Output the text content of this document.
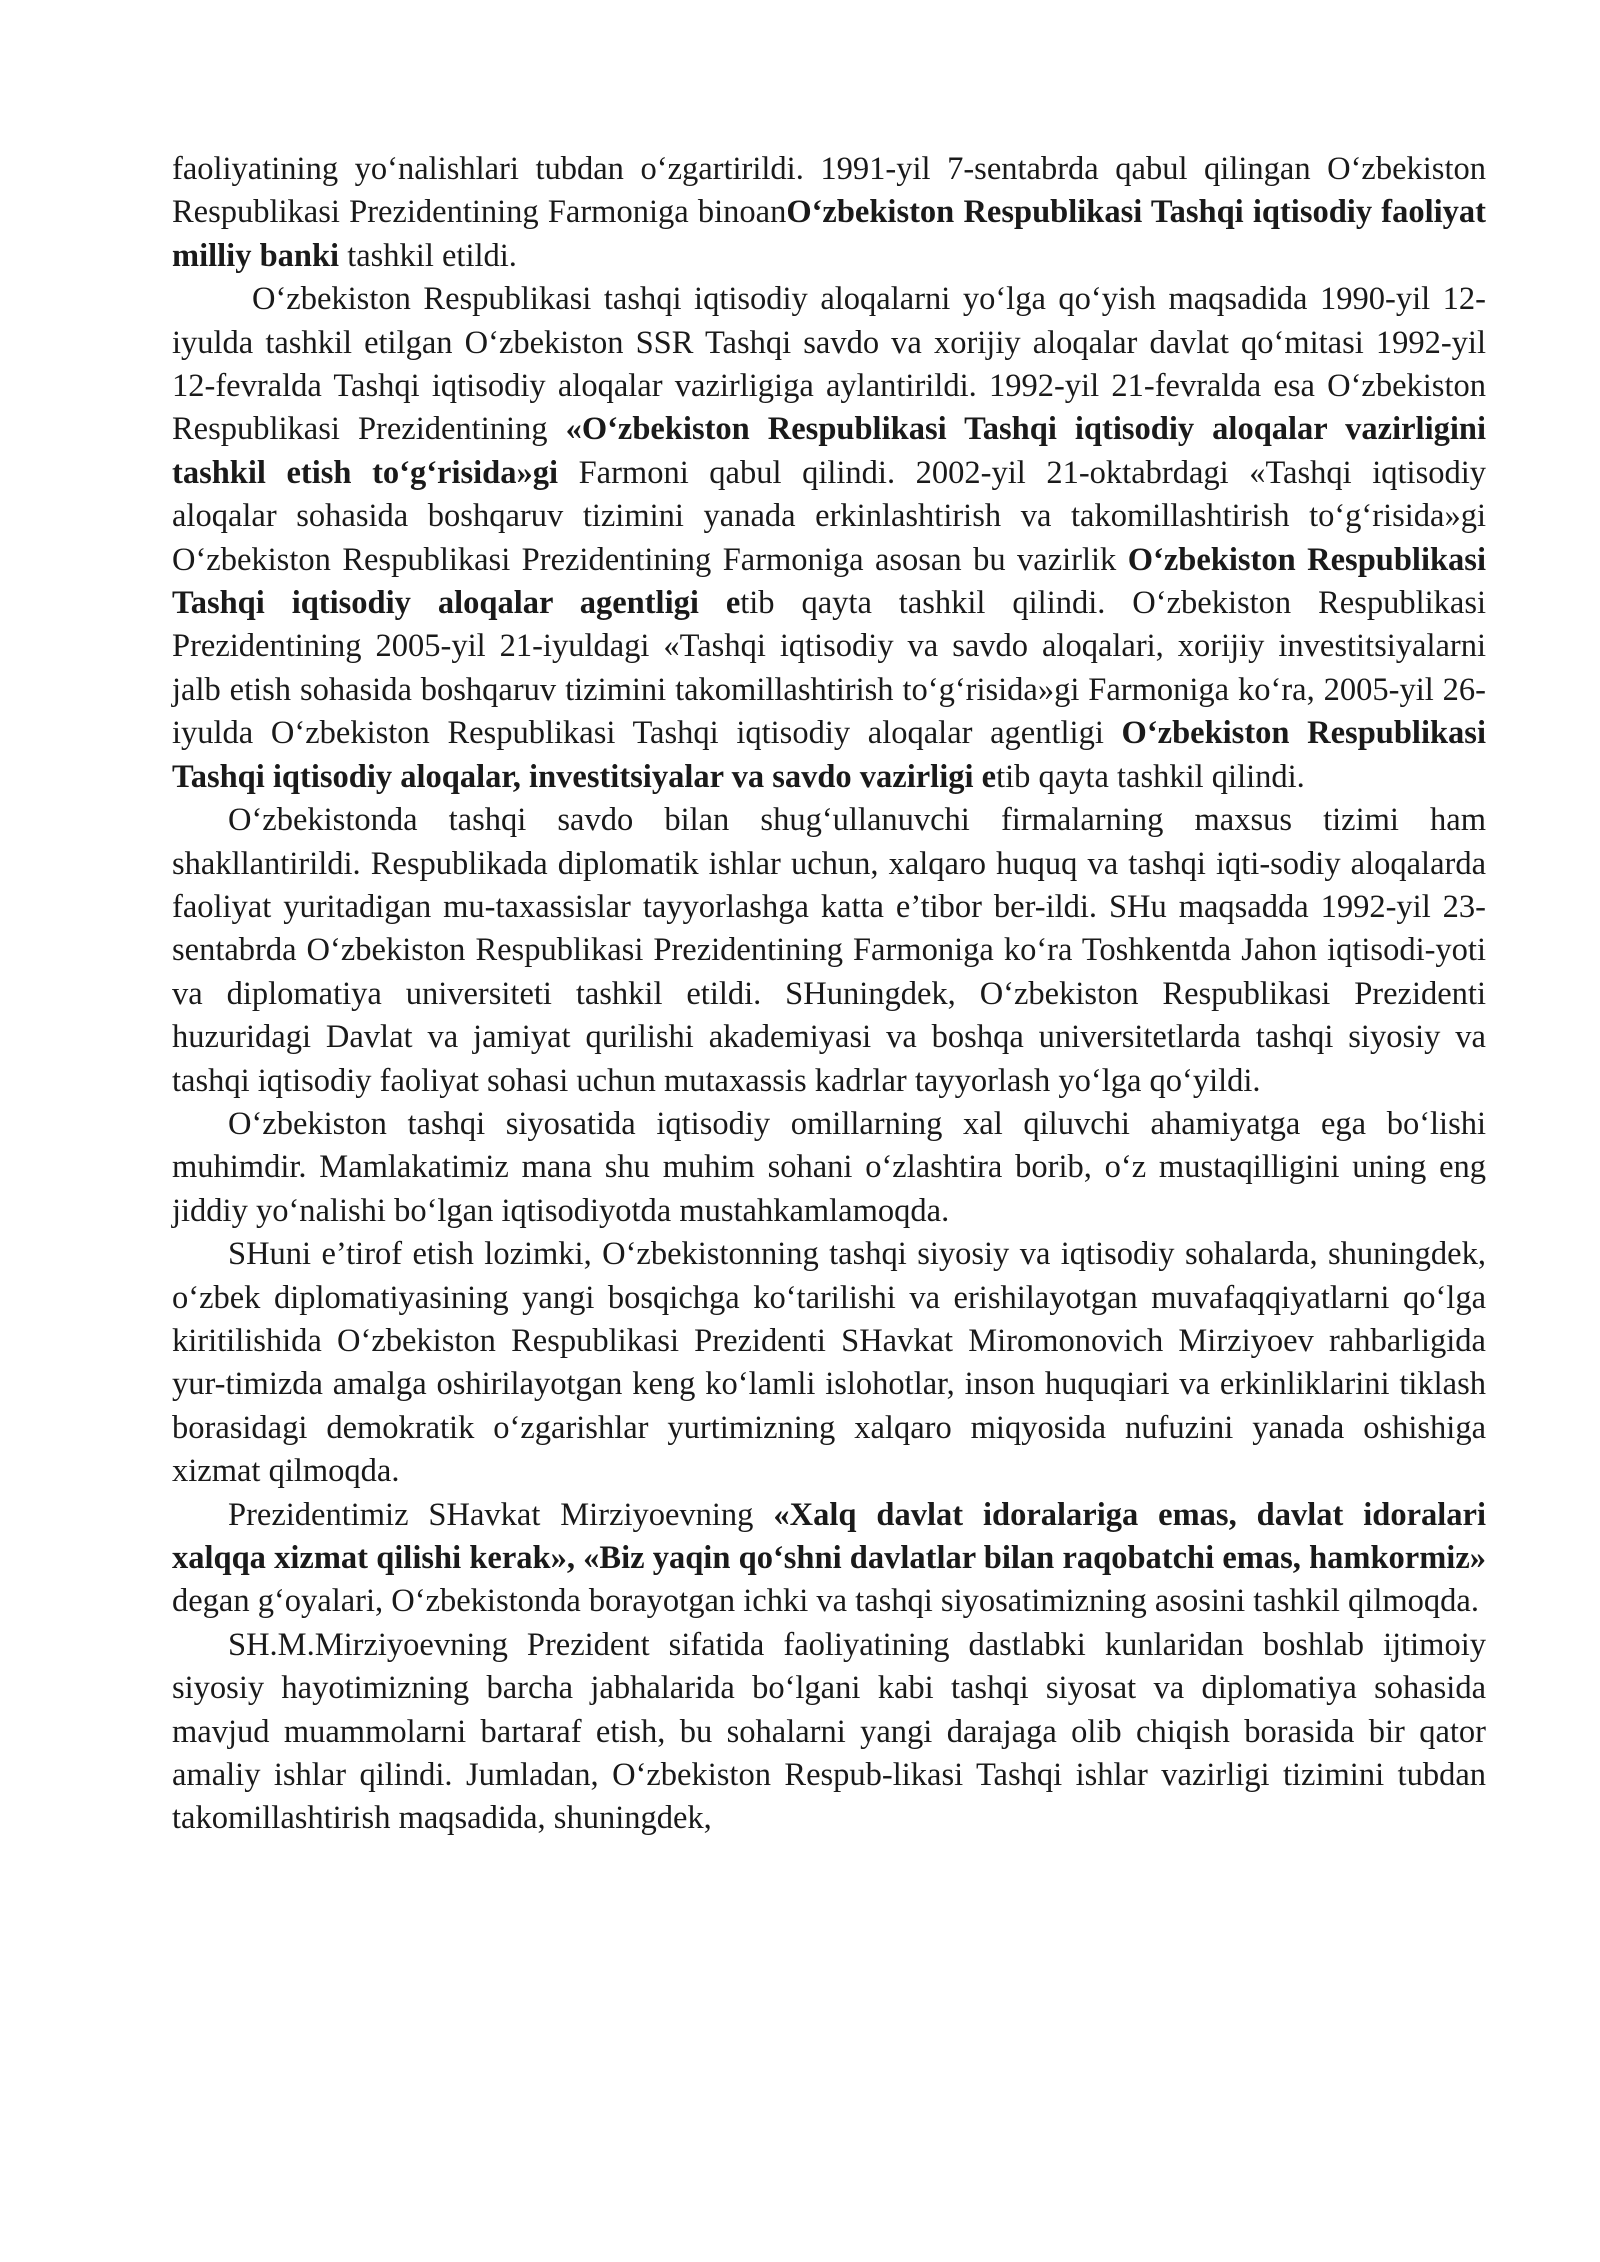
faoliyatining yoʻnalishlari tubdan oʻzgartirildi. 1991-yil 7-sentabrda qabul qilingan Oʻzbekiston Respublikasi Prezidentining Farmoniga binoanOʻzbekiston Respublikasi Tashqi iqtisodiy faoliyat milliy banki tashkil etildi.

Oʻzbekiston Respublikasi tashqi iqtisodiy aloqalarni yoʻlga qoʻyish maqsadida 1990-yil 12-iyulda tashkil etilgan Oʻzbekiston SSR Tashqi savdo va xorijiy aloqalar davlat qoʻmitasi 1992-yil 12-fevralda Tashqi iqtisodiy aloqalar vazirligiga aylantirildi. 1992-yil 21-fevralda esa Oʻzbekiston Respublikasi Prezidentining «Oʻzbekiston Respublikasi Tashqi iqtisodiy aloqalar vazirligini tashkil etish toʻgʻrisida»gi Farmoni qabul qilindi. 2002-yil 21-oktabrdagi «Tashqi iqtisodiy aloqalar sohasida boshqaruv tizimini yanada erkinlashtirish va takomillashtirish toʻgʻrisida»gi Oʻzbekiston Respublikasi Prezidentining Farmoniga asosan bu vazirlik Oʻzbekiston Respublikasi Tashqi iqtisodiy aloqalar agentligi etib qayta tashkil qilindi. Oʻzbekiston Respublikasi Prezidentining 2005-yil 21-iyuldagi «Tashqi iqtisodiy va savdo aloqalari, xorijiy investitsiyalarni jalb etish sohasida boshqaruv tizimini takomillashtirish toʻgʻrisida»gi Farmoniga koʻra, 2005-yil 26-iyulda Oʻzbekiston Respublikasi Tashqi iqtisodiy aloqalar agentligi Oʻzbekiston Respublikasi Tashqi iqtisodiy aloqalar, investitsiyalar va savdo vazirligi etib qayta tashkil qilindi.

Oʻzbekistonda tashqi savdo bilan shugʻullanuvchi firmalarning maxsus tizimi ham shakllantirildi. Respublikada diplomatik ishlar uchun, xalqaro huquq va tashqi iqti-sodiy aloqalarda faoliyat yuritadigan mu-taxassislar tayyorlashga katta e’tibor ber-ildi. SHu maqsadda 1992-yil 23-sentabrda Oʻzbekiston Respublikasi Prezidentining Farmoniga koʻra Toshkentda Jahon iqtisodi-yoti va diplomatiya universiteti tashkil etildi. SHuningdek, Oʻzbekiston Respublikasi Prezidenti huzuridagi Davlat va jamiyat qurilishi akademiyasi va boshqa universitetlarda tashqi siyosiy va tashqi iqtisodiy faoliyat sohasi uchun mutaxassis kadrlar tayyorlash yoʻlga qoʻyildi.

Oʻzbekiston tashqi siyosatida iqtisodiy omillarning xal qiluvchi ahamiyatga ega boʻlishi muhimdir. Mamlakatimiz mana shu muhim sohani oʻzlashtira borib, oʻz mustaqilligini uning eng jiddiy yoʻnalishi boʻlgan iqtisodiyotda mustahkamlamoqda.

SHuni e’tirof etish lozimki, Oʻzbekistonning tashqi siyosiy va iqtisodiy sohalarda, shuningdek, oʻzbek diplomatiyasining yangi bosqichga koʻtarilishi va erishilayotgan muvafaqqiyatlarni qoʻlga kiritilishida Oʻzbekiston Respublikasi Prezidenti SHavkat Miromonovich Mirziyoev rahbarligida yur-timizda amalga oshirilayotgan keng koʻlamli islohotlar, inson huquqiari va erkinliklarini tiklash borasidagi demokratik oʻzgarishlar yurtimizning xalqaro miqyosida nufuzini yanada oshishiga xizmat qilmoqda.

Prezidentimiz SHavkat Mirziyoevning «Xalq davlat idoralariga emas, davlat idoralari xalqqa xizmat qilishi kerak», «Biz yaqin qoʻshni davlatlar bilan raqobatchi emas, hamkormiz» degan gʻoyalari, Oʻzbekistonda borayotgan ichki va tashqi siyosatimizning asosini tashkil qilmoqda.

SH.M.Mirziyoevning Prezident sifatida faoliyatining dastlabki kunlaridan boshlab ijtimoiy siyosiy hayotimizning barcha jabhalarida boʻlgani kabi tashqi siyosat va diplomatiya sohasida mavjud muammolarni bartaraf etish, bu sohalarni yangi darajaga olib chiqish borasida bir qator amaliy ishlar qilindi. Jumladan, Oʻzbekiston Respub-likasi Tashqi ishlar vazirligi tizimini tubdan takomillashtirish maqsadida, shuningdek,
